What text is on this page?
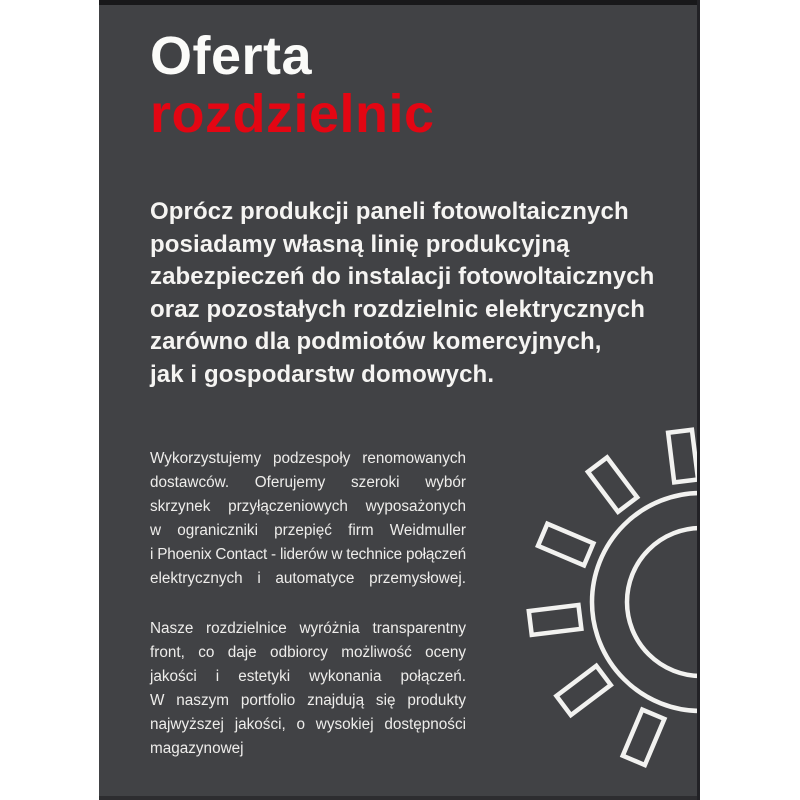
Oferta
rozdzielnic
Oprócz produkcji paneli fotowoltaicznych
posiadamy własną linię produkcyjną
zabezpieczeń do instalacji fotowoltaicznych
oraz pozostałych rozdzielnic elektrycznych
zarówno dla podmiotów komercyjnych,
jak i gospodarstw domowych.
Wykorzystujemy podzespoły renomowanych
dostawców. Oferujemy szeroki wybór
skrzynek przyłączeniowych wyposażonych
w ograniczniki przepięć firm Weidmuller
i Phoenix Contact - liderów w technice połączeń
elektrycznych i automatyce przemysłowej.
Nasze rozdzielnice wyróżnia transparentny
front, co daje odbiorcy możliwość oceny
jakości i estetyki wykonania połączeń.
W naszym portfolio znajdują się produkty
najwyższej jakości, o wysokiej dostępności
magazynowej
